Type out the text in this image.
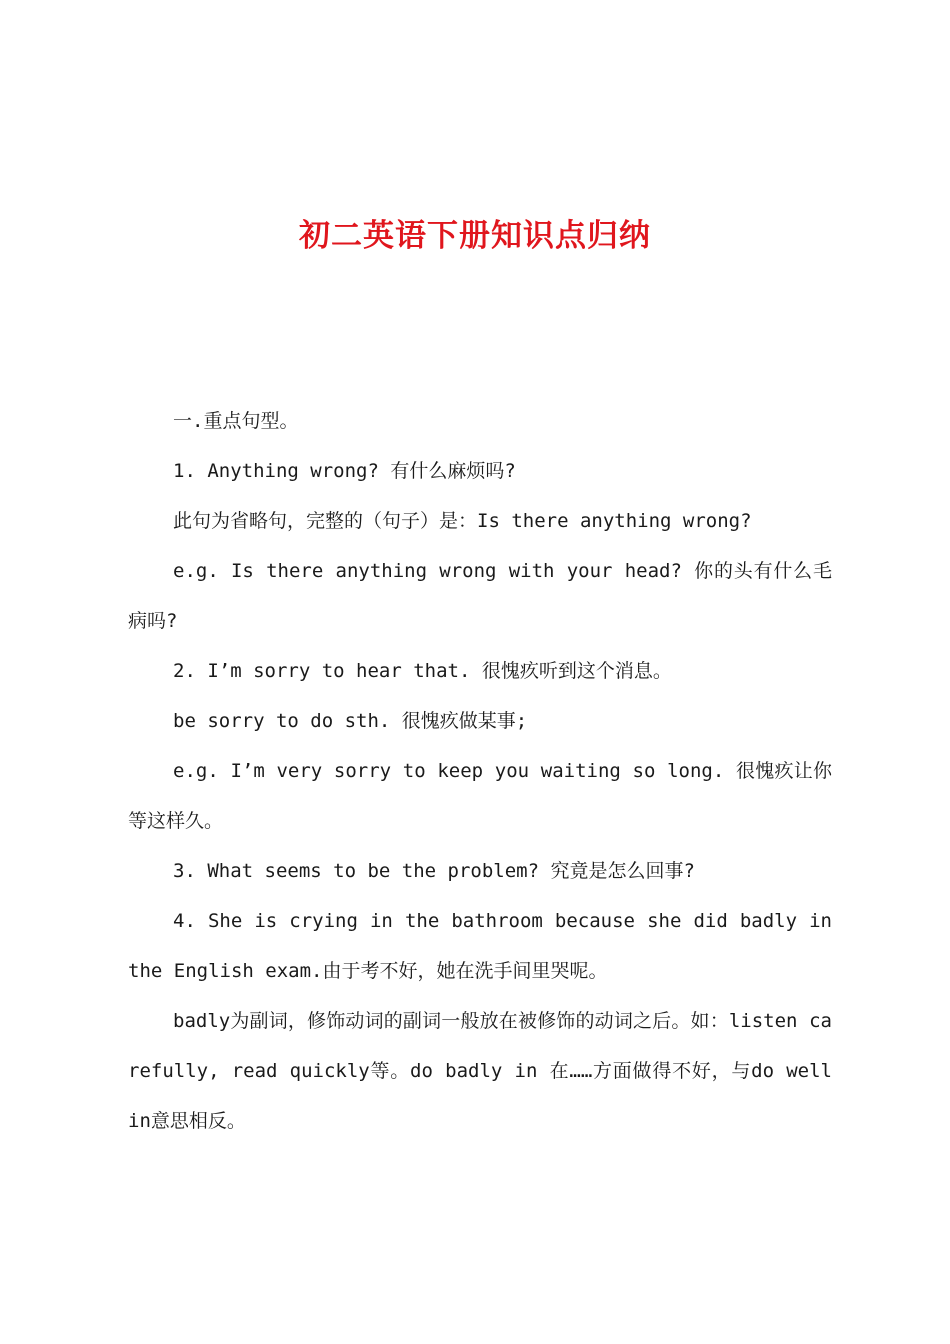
初二英语下册知识点归纳

一.重点句型。

1. Anything wrong? 有什么麻烦吗?

此句为省略句，完整的（句子）是：Is there anything wrong?

e.g. Is there anything wrong with your head? 你的头有什么毛病吗?

2. I’m sorry to hear that. 很愧疚听到这个消息。

be sorry to do sth. 很愧疚做某事;

e.g. I’m very sorry to keep you waiting so long. 很愧疚让你等这样久。

3. What seems to be the problem? 究竟是怎么回事?

4. She is crying in the bathroom because she did badly in the English exam.由于考不好，她在洗手间里哭呢。

badly为副词，修饰动词的副词一般放在被修饰的动词之后。如：listen carefully, read quickly等。do badly in 在……方面做得不好，与do well in意思相反。
